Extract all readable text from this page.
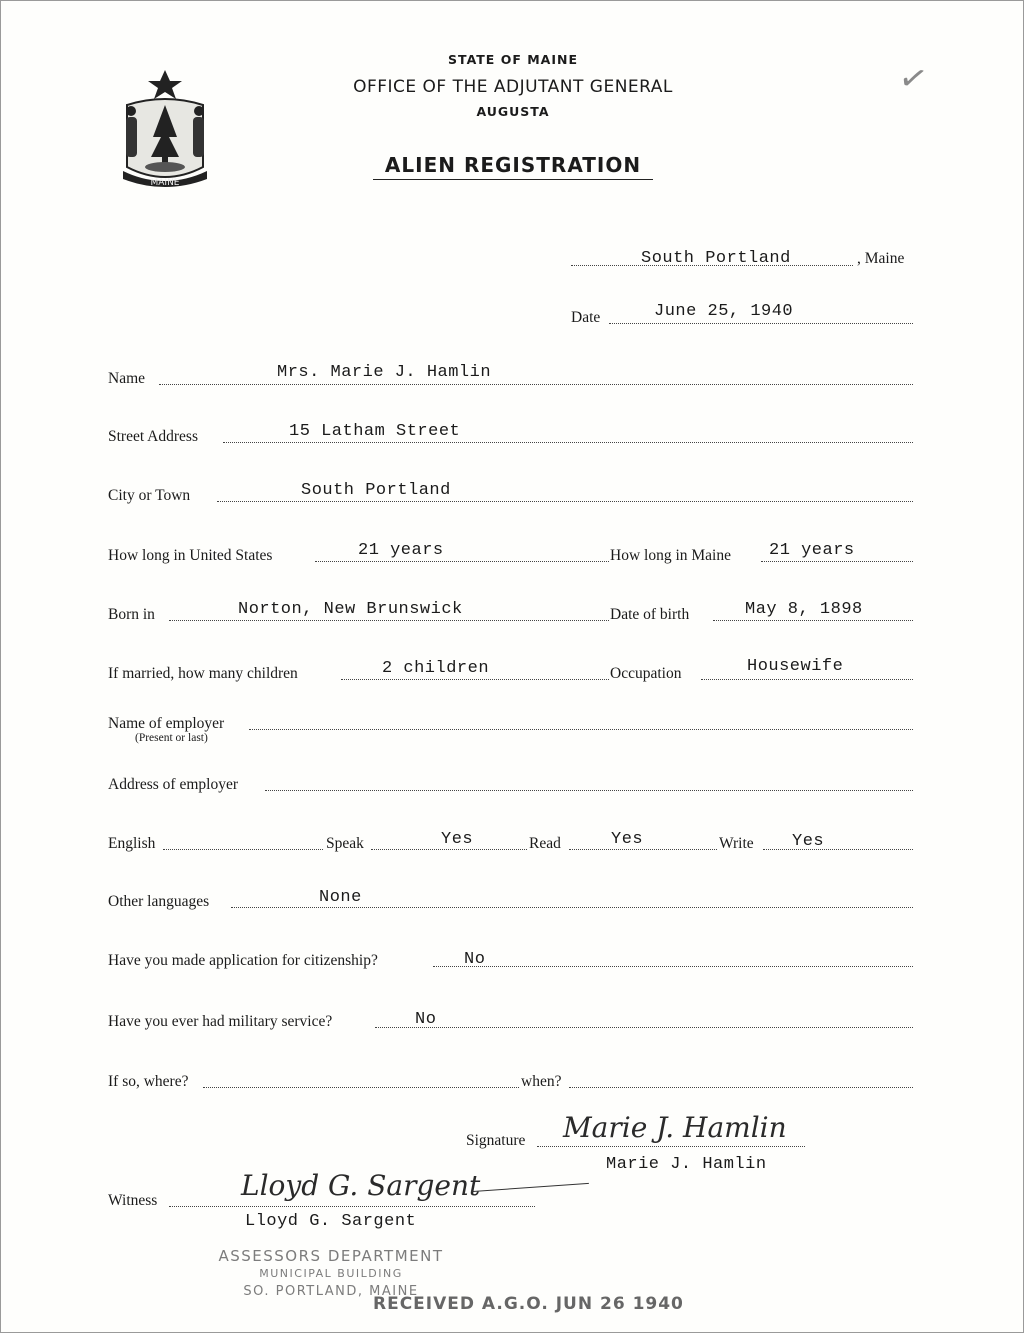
MAINE
STATE OF MAINE
OFFICE OF THE ADJUTANT GENERAL
AUGUSTA
ALIEN REGISTRATION
✓
South Portland	, Maine
Date	June 25, 1940
Name	Mrs. Marie J. Hamlin
Street Address	15 Latham Street
City or Town	South Portland
How long in United States	21 years	How long in Maine 21 years
Born in	Norton, New Brunswick	Date of birth	May 8, 1898
If married, how many children	2 children	Occupation	Housewife
Name of employer
(Present or last)
Address of employer
English	Speak	Yes	Read	Yes	Write Yes
Other languages	None
Have you made application for citizenship?	No
Have you ever had military service?	No
If so, where?	when?
Signature Marie J. Hamlin
Marie J. Hamlin
Witness	Lloyd G. Sargent
Lloyd G. Sargent
ASSESSORS DEPARTMENT
MUNICIPAL BUILDING
SO. PORTLAND, MAINE
RECEIVED A.G.O. JUN 26 1940
